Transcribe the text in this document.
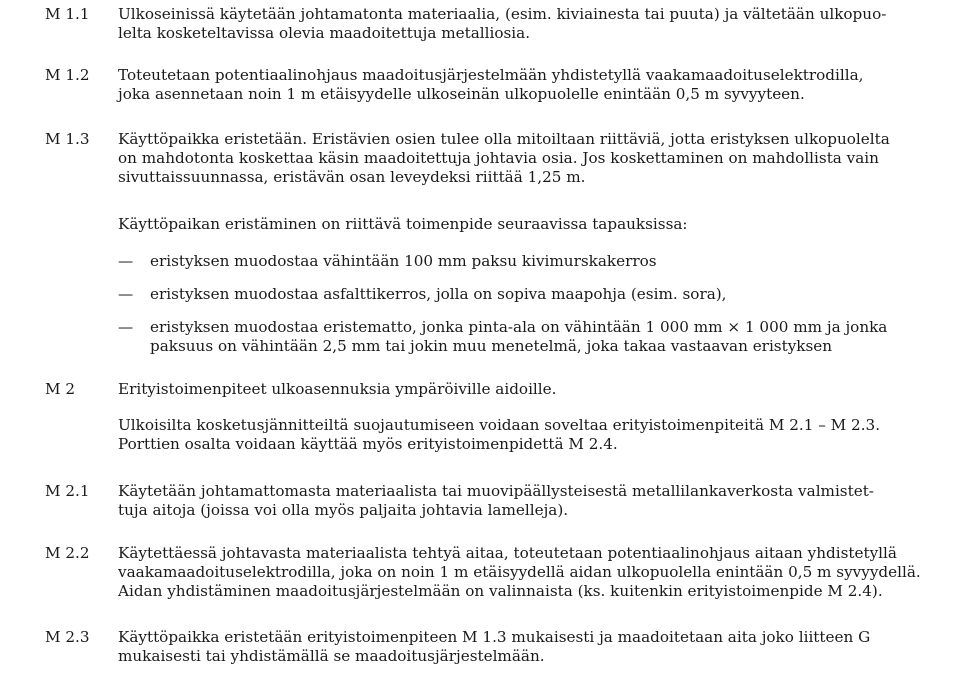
M 1.1 Ulkoseinissä käytetään johtamatonta materiaalia, (esim. kiviainesta tai puuta) ja vältetään ulkopuo-
lelta kosketeltavissa olevia maadoitettuja metalliosia.
M 1.2 Toteutetaan potentiaalinohjaus maadoitusjärjestelmään yhdistetyllä vaakamaadoituselektrodilla,
joka asennetaan noin 1 m etäisyydelle ulkoseinän ulkopuolelle enintään 0,5 m syvyyteen.
M 1.3 Käyttöpaikka eristetään. Eristävien osien tulee olla mitoiltaan riittäviä, jotta eristyksen ulkopuolelta
on mahdotonta koskettaa käsin maadoitettuja johtavia osia. Jos koskettaminen on mahdollista vain
sivuttaissuunnassa, eristävän osan leveydeksi riittää 1,25 m.
Käyttöpaikan eristäminen on riittävä toimenpide seuraavissa tapauksissa:
— eristyksen muodostaa vähintään 100 mm paksu kivimurskakerros
— eristyksen muodostaa asfalttikerros, jolla on sopiva maapohja (esim. sora),
— eristyksen muodostaa eristematto, jonka pinta-ala on vähintään 1 000 mm × 1 000 mm ja jonka
paksuus on vähintään 2,5 mm tai jokin muu menetelmä, joka takaa vastaavan eristyksen
M 2	Erityistoimenpiteet ulkoasennuksia ympäröiville aidoille.
Ulkoisilta kosketusjännitteiltä suojautumiseen voidaan soveltaa erityistoimenpiteitä M 2.1 – M 2.3.
Porttien osalta voidaan käyttää myös erityistoimenpidettä M 2.4.
M 2.1 Käytetään johtamattomasta materiaalista tai muovipäällysteisestä metallilankaverkosta valmistet-
tuja aitoja (joissa voi olla myös paljaita johtavia lamelleja).
M 2.2 Käytettäessä johtavasta materiaalista tehtyä aitaa, toteutetaan potentiaalinohjaus aitaan yhdistetyllä
vaakamaadoituselektrodilla, joka on noin 1 m etäisyydellä aidan ulkopuolella enintään 0,5 m syvyydellä.
Aidan yhdistäminen maadoitusjärjestelmään on valinnaista (ks. kuitenkin erityistoimenpide M 2.4).
M 2.3 Käyttöpaikka eristetään erityistoimenpiteen M 1.3 mukaisesti ja maadoitetaan aita joko liitteen G
mukaisesti tai yhdistämällä se maadoitusjärjestelmään.
